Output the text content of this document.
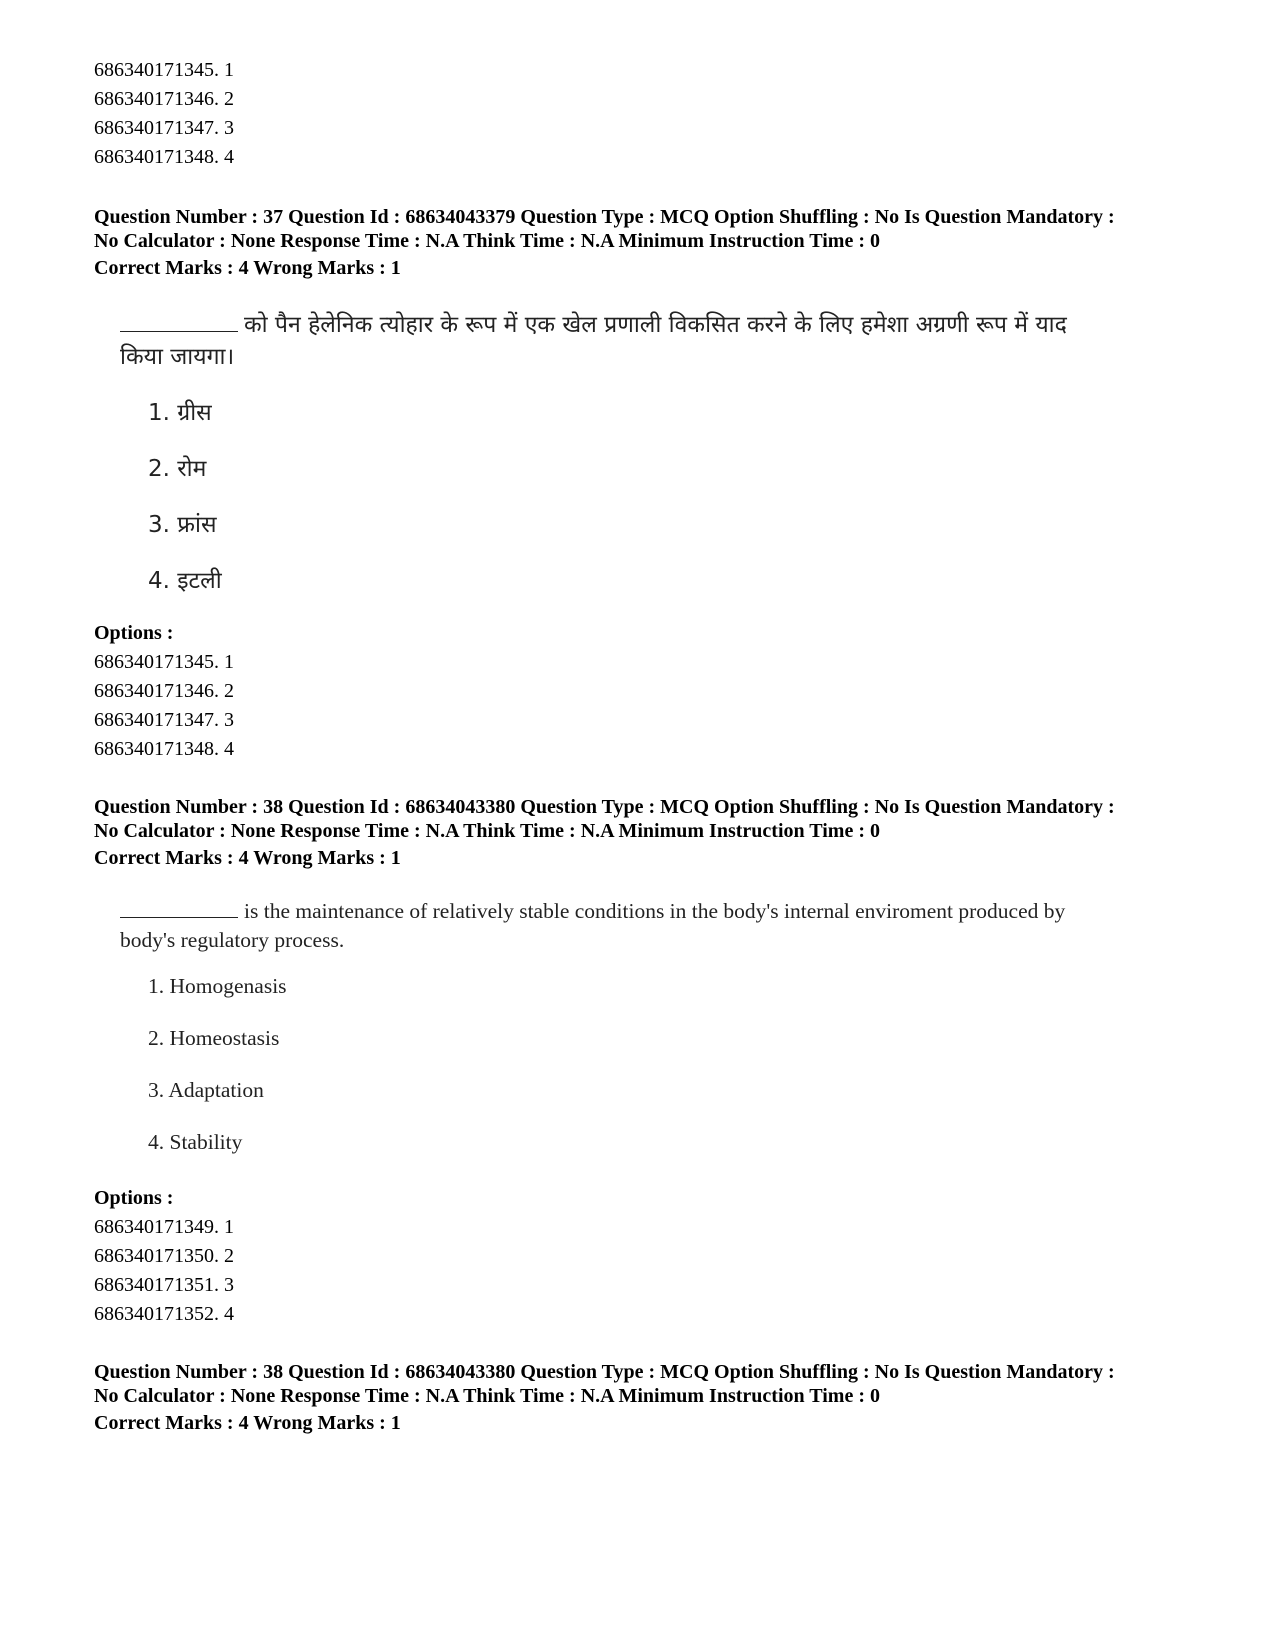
686340171345. 1
686340171346. 2
686340171347. 3
686340171348. 4
Question Number : 37 Question Id : 68634043379 Question Type : MCQ Option Shuffling : No Is Question Mandatory :
No Calculator : None Response Time : N.A Think Time : N.A Minimum Instruction Time : 0
Correct Marks : 4 Wrong Marks : 1
को पैन हेलेनिक त्योहार के रूप में एक खेल प्रणाली विकसित करने के लिए हमेशा अग्रणी रूप में याद
किया जायगा।
1. ग्रीस
2. रोम
3. फ्रांस
4. इटली
Options :
686340171345. 1
686340171346. 2
686340171347. 3
686340171348. 4
Question Number : 38 Question Id : 68634043380 Question Type : MCQ Option Shuffling : No Is Question Mandatory :
No Calculator : None Response Time : N.A Think Time : N.A Minimum Instruction Time : 0
Correct Marks : 4 Wrong Marks : 1
is the maintenance of relatively stable conditions in the body's internal enviroment produced by
body's regulatory process.
1. Homogenasis
2. Homeostasis
3. Adaptation
4. Stability
Options :
686340171349. 1
686340171350. 2
686340171351. 3
686340171352. 4
Question Number : 38 Question Id : 68634043380 Question Type : MCQ Option Shuffling : No Is Question Mandatory :
No Calculator : None Response Time : N.A Think Time : N.A Minimum Instruction Time : 0
Correct Marks : 4 Wrong Marks : 1
